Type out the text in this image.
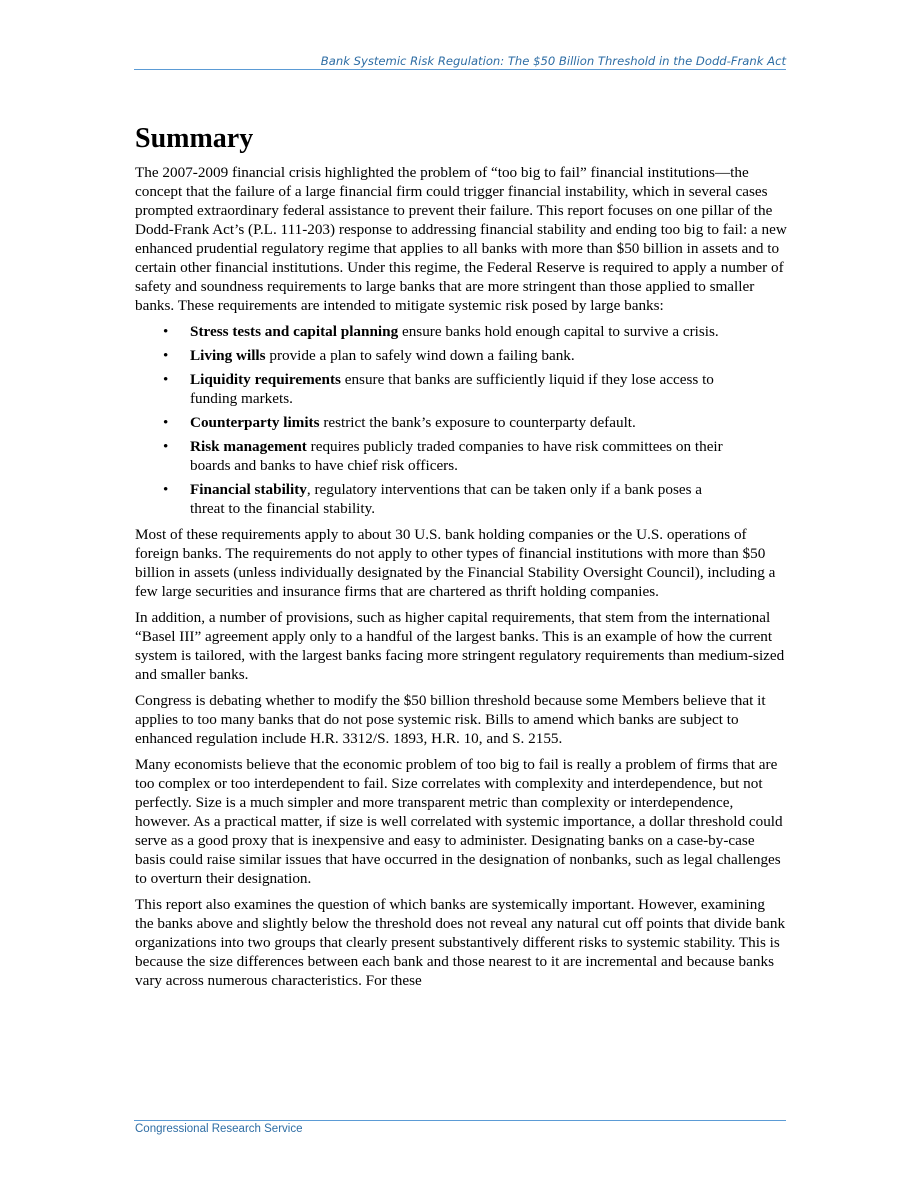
Bank Systemic Risk Regulation: The $50 Billion Threshold in the Dodd-Frank Act
Summary

The 2007-2009 financial crisis highlighted the problem of “too big to fail” financial institutions—the concept that the failure of a large financial firm could trigger financial instability, which in several cases prompted extraordinary federal assistance to prevent their failure. This report focuses on one pillar of the Dodd-Frank Act’s (P.L. 111-203) response to addressing financial stability and ending too big to fail: a new enhanced prudential regulatory regime that applies to all banks with more than $50 billion in assets and to certain other financial institutions. Under this regime, the Federal Reserve is required to apply a number of safety and soundness requirements to large banks that are more stringent than those applied to smaller banks. These requirements are intended to mitigate systemic risk posed by large banks:

•	Stress tests and capital planning ensure banks hold enough capital to survive a crisis.
•	Living wills provide a plan to safely wind down a failing bank.
•	Liquidity requirements ensure that banks are sufficiently liquid if they lose access to funding markets.
•	Counterparty limits restrict the bank’s exposure to counterparty default.
•	Risk management requires publicly traded companies to have risk committees on their boards and banks to have chief risk officers.
•	Financial stability, regulatory interventions that can be taken only if a bank poses a threat to the financial stability.

Most of these requirements apply to about 30 U.S. bank holding companies or the U.S. operations of foreign banks. The requirements do not apply to other types of financial institutions with more than $50 billion in assets (unless individually designated by the Financial Stability Oversight Council), including a few large securities and insurance firms that are chartered as thrift holding companies.

In addition, a number of provisions, such as higher capital requirements, that stem from the international “Basel III” agreement apply only to a handful of the largest banks. This is an example of how the current system is tailored, with the largest banks facing more stringent regulatory requirements than medium-sized and smaller banks.

Congress is debating whether to modify the $50 billion threshold because some Members believe that it applies to too many banks that do not pose systemic risk. Bills to amend which banks are subject to enhanced regulation include H.R. 3312/S. 1893, H.R. 10, and S. 2155.

Many economists believe that the economic problem of too big to fail is really a problem of firms that are too complex or too interdependent to fail. Size correlates with complexity and interdependence, but not perfectly. Size is a much simpler and more transparent metric than complexity or interdependence, however. As a practical matter, if size is well correlated with systemic importance, a dollar threshold could serve as a good proxy that is inexpensive and easy to administer. Designating banks on a case-by-case basis could raise similar issues that have occurred in the designation of nonbanks, such as legal challenges to overturn their designation.

This report also examines the question of which banks are systemically important. However, examining the banks above and slightly below the threshold does not reveal any natural cut off points that divide bank organizations into two groups that clearly present substantively different risks to systemic stability. This is because the size differences between each bank and those nearest to it are incremental and because banks vary across numerous characteristics. For these

Congressional Research Service
